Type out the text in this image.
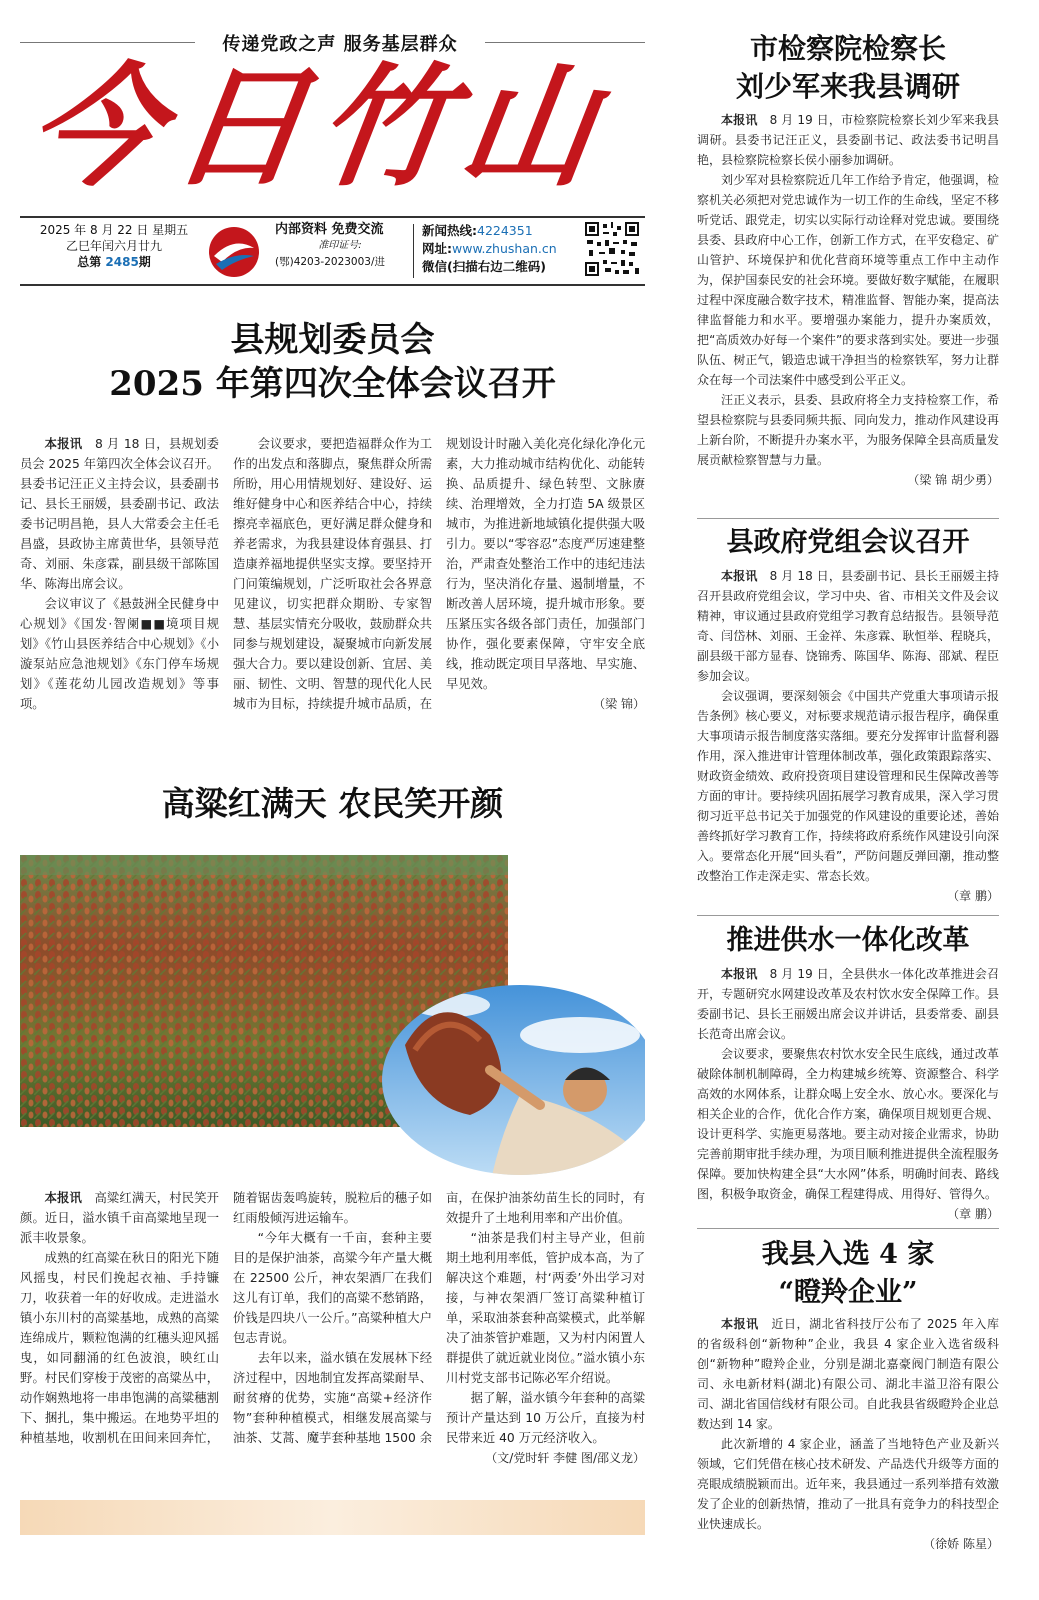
传递党政之声 服务基层群众
今日竹山
2025 年 8 月 22 日 星期五
乙巳年闰六月廿九
总第 2485期
内部资料 免费交流
准印证号:
(鄂)4203-2023003/进
新闻热线:4224351
网址:www.zhushan.cn
微信(扫描右边二维码)
县规划委员会
2025 年第四次全体会议召开

本报讯　 8 月 18 日，县规划委员会 2025 年第四次全体会议召开。县委书记汪正义主持会议，县委副书记、县长王丽媛，县委副书记、政法委书记明昌艳，县人大常委会主任毛昌盛，县政协主席黄世华，县领导范奇、刘丽、朱彦霖，副县级干部陈国华、陈海出席会议。

会议审议了《悬鼓洲全民健身中心规划》《国发·智阑■■境项目规划》《竹山县医养结合中心规划》《小漩泵站应急池规划》《东门停车场规划》《莲花幼儿园改造规划》等事项。

会议要求，要把造福群众作为工作的出发点和落脚点，聚焦群众所需所盼，用心用情规划好、建设好、运维好健身中心和医养结合中心，持续擦亮幸福底色，更好满足群众健身和养老需求，为我县建设体育强县、打造康养福地提供坚实支撑。要坚持开门问策编规划，广泛听取社会各界意见建议，切实把群众期盼、专家智慧、基层实情充分吸收，鼓励群众共同参与规划建设，凝聚城市向新发展强大合力。要以建设创新、宜居、美丽、韧性、文明、智慧的现代化人民城市为目标，持续提升城市品质，在规划设计时融入美化亮化绿化净化元素，大力推动城市结构优化、动能转换、品质提升、绿色转型、文脉赓续、治理增效，全力打造 5A 级景区城市，为推进新地域镇化提供强大吸引力。要以“零容忍”态度严厉速建整治，严肃查处整治工作中的违纪违法行为，坚决消化存量、遏制增量，不断改善人居环境，提升城市形象。要压紧压实各级各部门责任，加强部门协作，强化要素保障，守牢安全底线，推动既定项目早落地、早实施、早见效。

（梁 锦）
高粱红满天 农民笑开颜

本报讯　 高粱红满天，村民笑开颜。近日，溢水镇千亩高粱地呈现一派丰收景象。

成熟的红高粱在秋日的阳光下随风摇曳，村民们挽起衣袖、手持镰刀，收获着一年的好收成。走进溢水镇小东川村的高粱基地，成熟的高粱连绵成片，颗粒饱满的红穗头迎风摇曳，如同翻涌的红色波浪，映红山野。村民们穿梭于茂密的高粱丛中，动作娴熟地将一串串饱满的高粱穗割下、捆扎，集中搬运。在地势平坦的种植基地，收割机在田间来回奔忙，随着锯齿轰鸣旋转，脱粒后的穗子如红雨般倾泻进运输车。

“今年大概有一千亩，套种主要目的是保护油茶，高粱今年产量大概在 22500 公斤，神农架酒厂在我们这儿有订单，我们的高粱不愁销路，价钱是四块八一公斤。”高粱种植大户包志青说。

去年以来，溢水镇在发展林下经济过程中，因地制宜发挥高粱耐旱、耐贫瘠的优势，实施“高粱+经济作物”套种种植模式，相继发展高粱与油茶、艾蒿、魔芋套种基地 1500 余亩，在保护油茶幼苗生长的同时，有效提升了土地利用率和产出价值。

“油茶是我们村主导产业，但前期土地利用率低，管护成本高，为了解决这个难题，村‘两委’外出学习对接，与神农架酒厂签订高粱种植订单，采取油茶套种高粱模式，此举解决了油茶管护难题，又为村内闲置人群提供了就近就业岗位。”溢水镇小东川村党支部书记陈必军介绍说。

据了解，溢水镇今年套种的高粱预计产量达到 10 万公斤，直接为村民带来近 40 万元经济收入。

（文/党时轩 李健 图/邵义龙）
市检察院检察长
刘少军来我县调研

本报讯　 8 月 19 日，市检察院检察长刘少军来我县调研。县委书记汪正义，县委副书记、政法委书记明昌艳，县检察院检察长侯小丽参加调研。

刘少军对县检察院近几年工作给予肯定，他强调，检察机关必须把对党忠诚作为一切工作的生命线，坚定不移听党话、跟党走，切实以实际行动诠释对党忠诚。要围绕县委、县政府中心工作，创新工作方式，在平安稳定、矿山管护、环境保护和优化营商环境等重点工作中主动作为，保护国泰民安的社会环境。要做好数字赋能，在履职过程中深度融合数字技术，精准监督、智能办案，提高法律监督能力和水平。要增强办案能力，提升办案质效，把“高质效办好每一个案件”的要求落到实处。要进一步强队伍、树正气，锻造忠诚干净担当的检察铁军，努力让群众在每一个司法案件中感受到公平正义。

汪正义表示，县委、县政府将全力支持检察工作，希望县检察院与县委同频共振、同向发力，推动作风建设再上新台阶，不断提升办案水平，为服务保障全县高质量发展贡献检察智慧与力量。

（梁 锦 胡少勇）
县政府党组会议召开

本报讯　 8 月 18 日，县委副书记、县长王丽媛主持召开县政府党组会议，学习中央、省、市相关文件及会议精神，审议通过县政府党组学习教育总结报告。县领导范奇、闫岱林、刘丽、王金祥、朱彦霖、耿恒举、程晓兵，副县级干部方显春、饶锦秀、陈国华、陈海、邵斌、程臣参加会议。

会议强调，要深刻领会《中国共产党重大事项请示报告条例》核心要义，对标要求规范请示报告程序，确保重大事项请示报告制度落实落细。要充分发挥审计监督利器作用，深入推进审计管理体制改革，强化政策跟踪落实、财政资金绩效、政府投资项目建设管理和民生保障改善等方面的审计。要持续巩固拓展学习教育成果，深入学习贯彻习近平总书记关于加强党的作风建设的重要论述，善始善终抓好学习教育工作，持续将政府系统作风建设引向深入。要常态化开展“回头看”，严防问题反弹回潮，推动整改整治工作走深走实、常态长效。

（章 鹏）
推进供水一体化改革

本报讯　 8 月 19 日，全县供水一体化改革推进会召开，专题研究水网建设改革及农村饮水安全保障工作。县委副书记、县长王丽媛出席会议并讲话，县委常委、副县长范奇出席会议。

会议要求，要聚焦农村饮水安全民生底线，通过改革破除体制机制障碍，全力构建城乡统筹、资源整合、科学高效的水网体系，让群众喝上安全水、放心水。要深化与相关企业的合作，优化合作方案，确保项目规划更合规、设计更科学、实施更易落地。要主动对接企业需求，协助完善前期审批手续办理，为项目顺利推进提供全流程服务保障。要加快构建全县“大水网”体系，明确时间表、路线图，积极争取资金，确保工程建得成、用得好、管得久。

（章 鹏）
我县入选 4 家
“瞪羚企业”

本报讯　 近日，湖北省科技厅公布了 2025 年入库的省级科创“新物种”企业，我县 4 家企业入选省级科创“新物种”瞪羚企业，分别是湖北嘉豪阀门制造有限公司、永电新材料(湖北)有限公司、湖北丰溢卫浴有限公司、湖北省国信线材有限公司。自此我县省级瞪羚企业总数达到 14 家。

此次新增的 4 家企业，涵盖了当地特色产业及新兴领域，它们凭借在核心技术研发、产品迭代升级等方面的亮眼成绩脱颖而出。近年来，我县通过一系列举措有效激发了企业的创新热情，推动了一批具有竞争力的科技型企业快速成长。

（徐娇 陈星）
